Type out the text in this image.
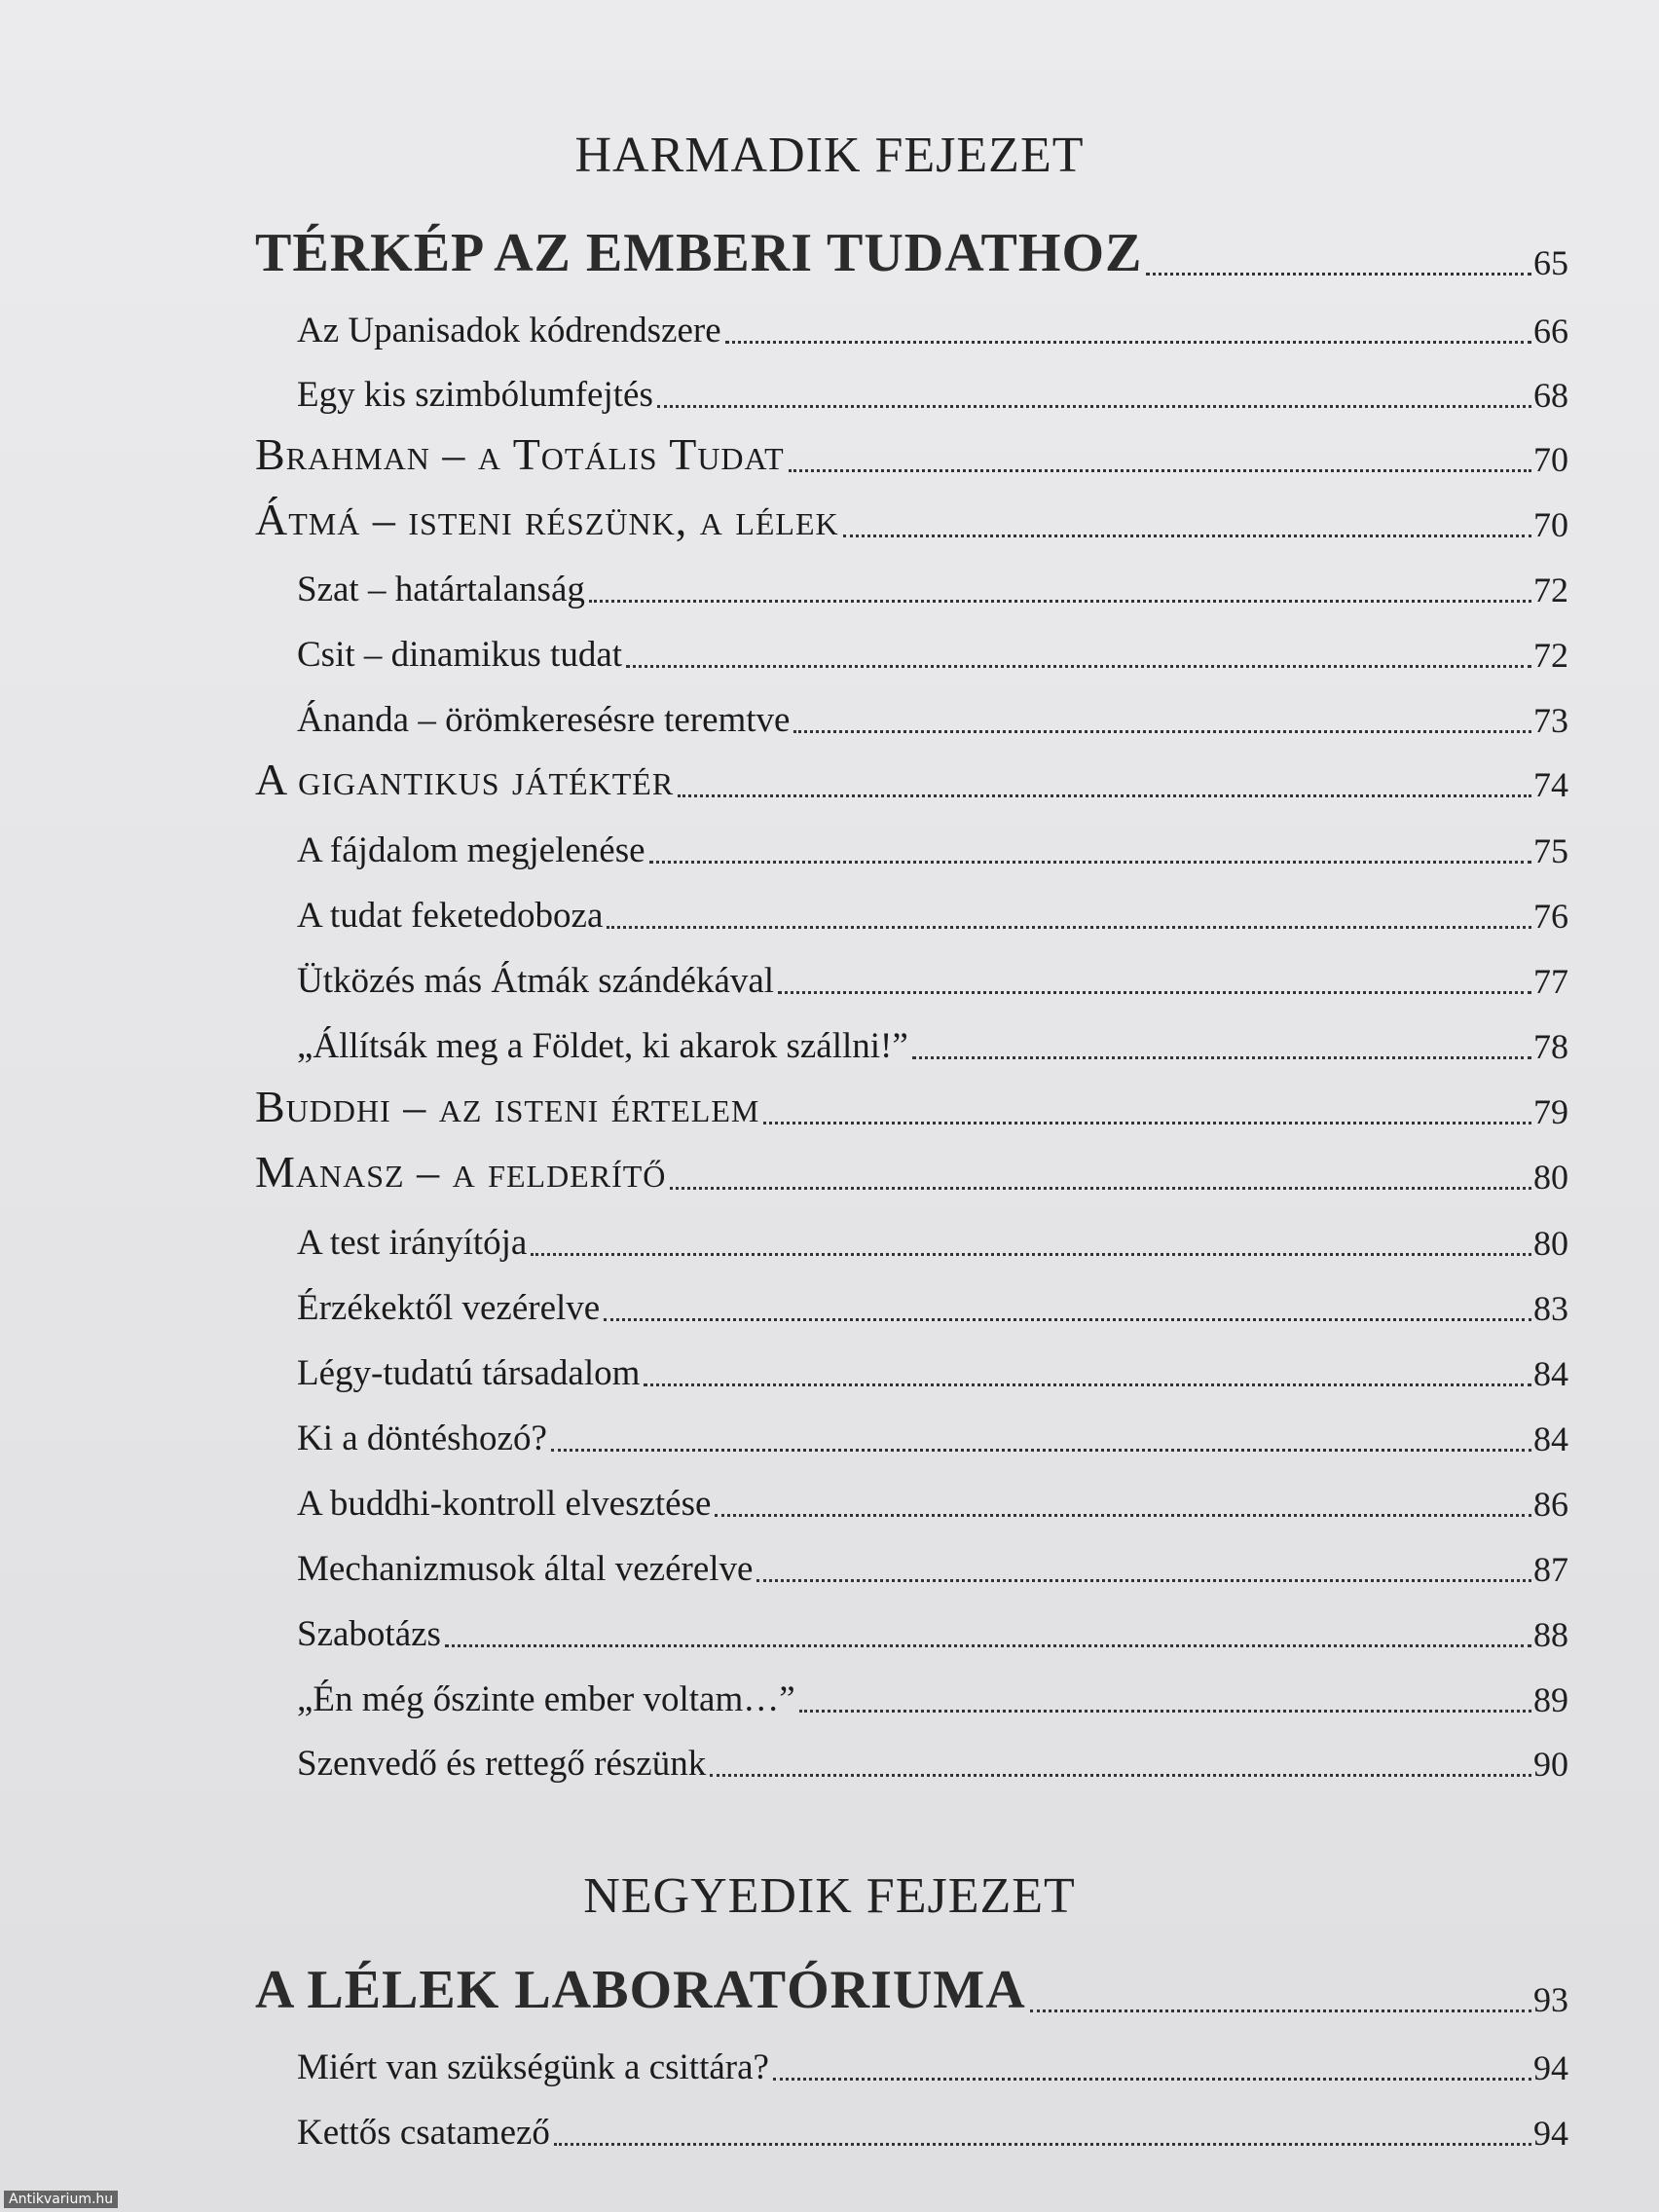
HARMADIK FEJEZET
TÉRKÉP AZ EMBERI TUDATHOZ	65
Az Upanisadok kódrendszere	66
Egy kis szimbólumfejtés	68
Brahman – a Totális Tudat	70
Átmá – isteni részünk, a lélek	70
Szat – határtalanság	72
Csit – dinamikus tudat	72
Ánanda – örömkeresésre teremtve	73
A gigantikus játéktér	74
A fájdalom megjelenése	75
A tudat feketedoboza	76
Ütközés más Átmák szándékával	77
„Állítsák meg a Földet, ki akarok szállni!”	78
Buddhi – az isteni értelem	79
Manasz – a felderítő	80
A test irányítója	80
Érzékektől vezérelve	83
Légy-tudatú társadalom	84
Ki a döntéshozó?	84
A buddhi-kontroll elvesztése	86
Mechanizmusok által vezérelve	87
Szabotázs	88
„Én még őszinte ember voltam…”	89
Szenvedő és rettegő részünk	90
NEGYEDIK FEJEZET
A LÉLEK LABORATÓRIUMA	93
Miért van szükségünk a csittára?	94
Kettős csatamező	94
Antikvarium.hu
